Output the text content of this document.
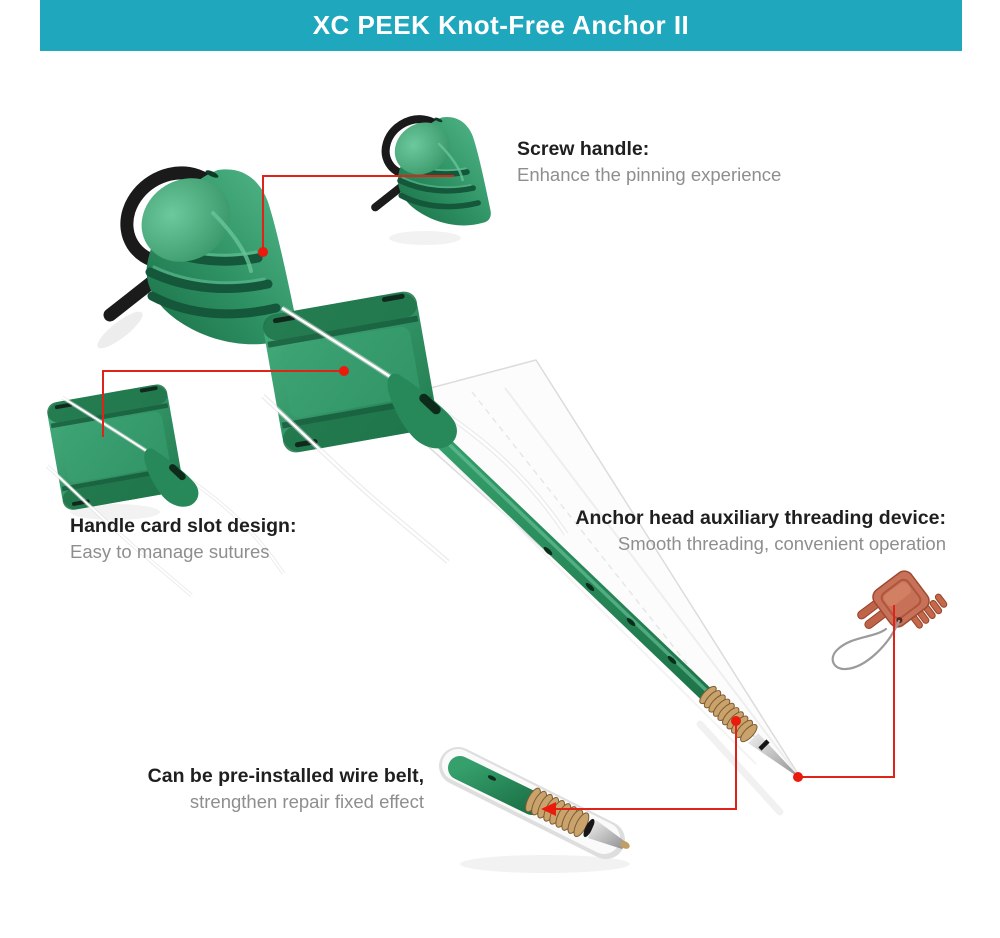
XC PEEK Knot-Free Anchor II
Screw handle:
Enhance the pinning experience
Handle card slot design:
Easy to manage sutures
Anchor head auxiliary threading device:
Smooth threading, convenient operation
Can be pre-installed wire belt,
strengthen repair fixed effect
